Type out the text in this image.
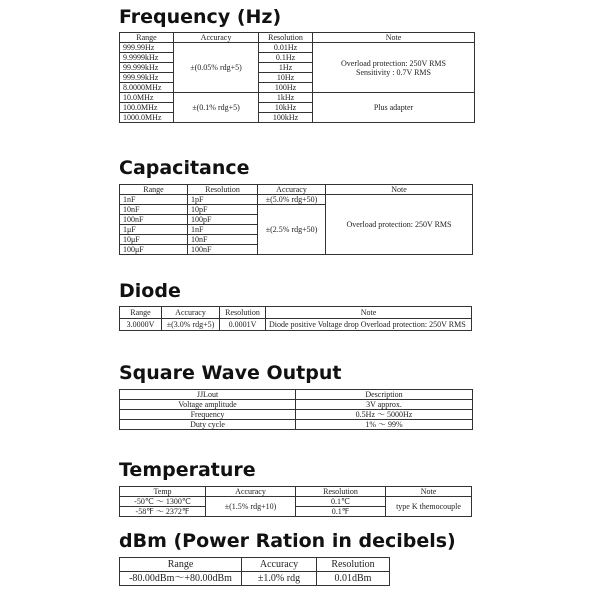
Frequency (Hz)
Range	Accuracy	Resolution	Note
999.99Hz	±(0.05% rdg+5)	0.01Hz	Overload protection: 250V RMS
Sensitivity : 0.7V RMS
9.9999kHz		0.1Hz	
99.999kHz		1Hz	
999.99kHz		10Hz	
8.0000MHz		100Hz	
10.0MHz	±(0.1% rdg+5)	1kHz	Plus adapter
100.0MHz		10kHz	
1000.0MHz		100kHz	
Capacitance
Range	Resolution	Accuracy	Note
1nF	1pF	±(5.0% rdg+50)	Overload protection: 250V RMS
10nF	10pF	±(2.5% rdg+50)	
100nF	100pF		
1μF	1nF		
10μF	10nF		
100μF	100nF		
Diode
Range	Accuracy	Resolution	Note
3.0000V	±(3.0% rdg+5)	0.0001V	Diode positive Voltage drop Overload protection: 250V RMS
Square Wave Output
JJLout	Description
Voltage amplitude	3V approx.
Frequency	0.5Hz ～ 5000Hz
Duty cycle	1% ～ 99%
Temperature
Temp	Accuracy	Resolution	Note
-50℃ ～ 1300℃	±(1.5% rdg+10)	0.1℃	type K themocouple
-58℉ ～ 2372℉		0.1℉	
dBm (Power Ration in decibels)
Range	Accuracy	Resolution
-80.00dBm～+80.00dBm	±1.0% rdg	0.01dBm
